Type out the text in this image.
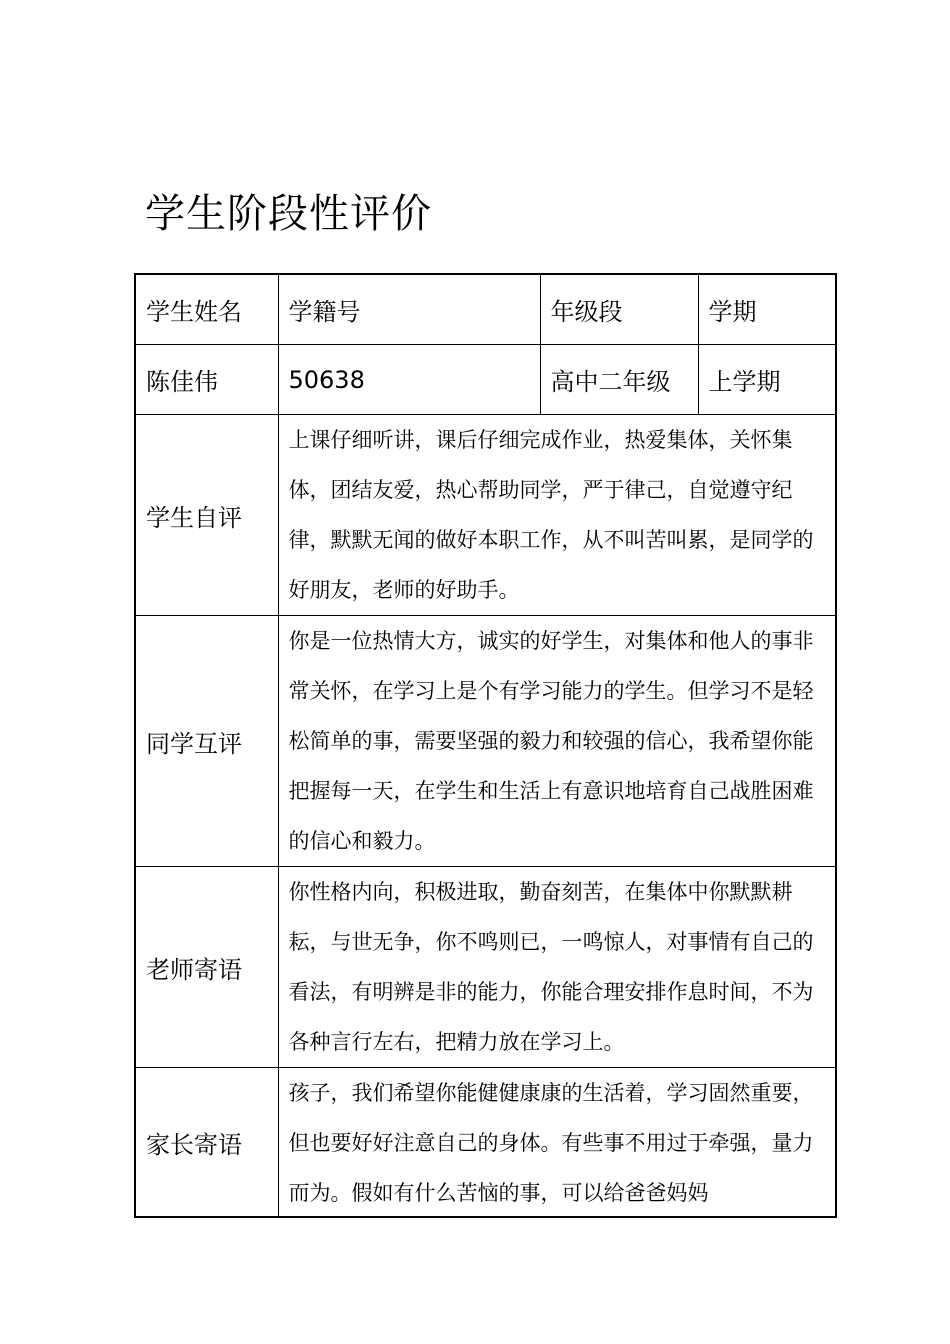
学生阶段性评价
学生姓名	学籍号	年级段	学期
陈佳伟	50638	高中二年级	上学期
学生自评	上课仔细听讲，课后仔细完成作业，热爱集体，关怀集体，团结友爱，热心帮助同学，严于律己，自觉遵守纪律，默默无闻的做好本职工作，从不叫苦叫累，是同学的好朋友，老师的好助手。		
同学互评	你是一位热情大方，诚实的好学生，对集体和他人的事非常关怀，在学习上是个有学习能力的学生。但学习不是轻松简单的事，需要坚强的毅力和较强的信心，我希望你能把握每一天，在学生和生活上有意识地培育自己战胜困难的信心和毅力。		
老师寄语	你性格内向，积极进取，勤奋刻苦，在集体中你默默耕耘，与世无争，你不鸣则已，一鸣惊人，对事情有自己的看法，有明辨是非的能力，你能合理安排作息时间，不为各种言行左右，把精力放在学习上。		
家长寄语	孩子，我们希望你能健健康康的生活着，学习固然重要，但也要好好注意自己的身体。有些事不用过于牵强，量力而为。假如有什么苦恼的事，可以给爸爸妈妈		
